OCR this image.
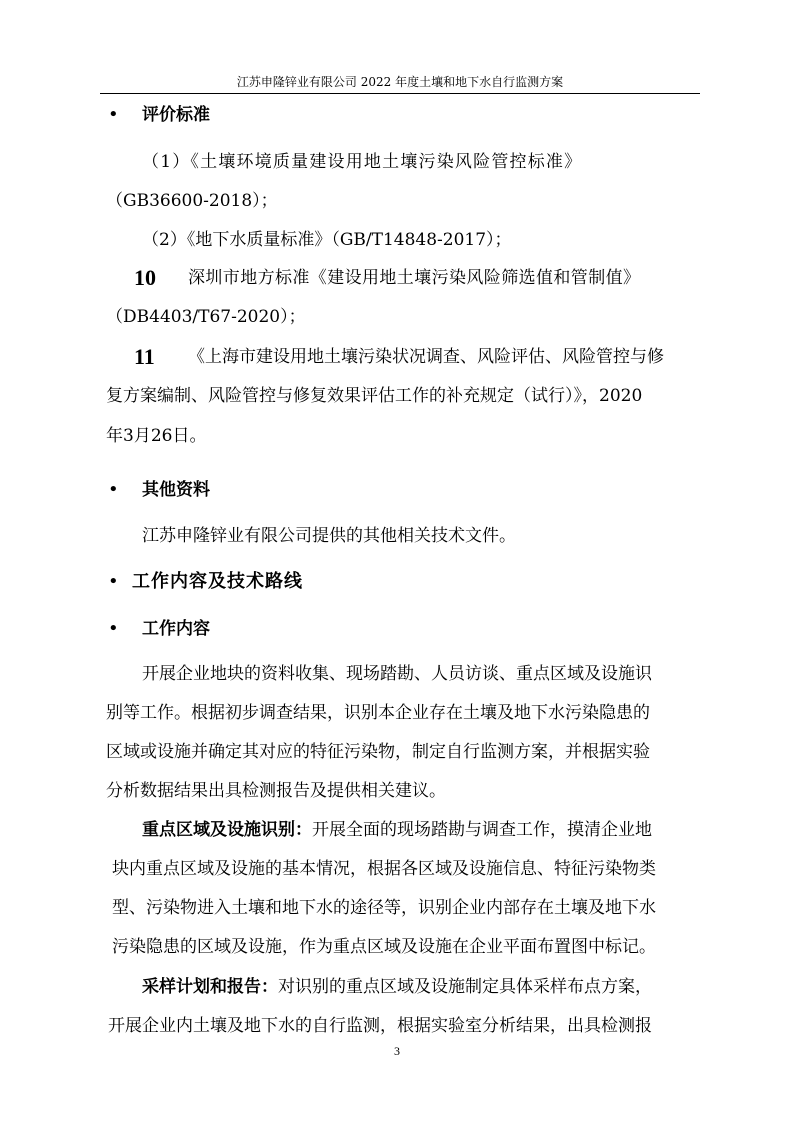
江苏申隆锌业有限公司 2022 年度土壤和地下水自行监测方案
• 评价标准
（1）《土壤环境质量建设用地土壤污染风险管控标准》
（GB36600-2018）；
（2）《地下水质量标准》（GB/T14848-2017）；
10 深圳市地方标准《建设用地土壤污染风险筛选值和管制值》
（DB4403/T67-2020）；
11 《上海市建设用地土壤污染状况调查、风险评估、风险管控与修
复方案编制、风险管控与修复效果评估工作的补充规定（试行）》，2020
年3月26日。
• 其他资料
江苏申隆锌业有限公司提供的其他相关技术文件。
• 工作内容及技术路线
• 工作内容
开展企业地块的资料收集、现场踏勘、人员访谈、重点区域及设施识
别等工作。根据初步调查结果，识别本企业存在土壤及地下水污染隐患的
区域或设施并确定其对应的特征污染物，制定自行监测方案，并根据实验
分析数据结果出具检测报告及提供相关建议。
重点区域及设施识别：开展全面的现场踏勘与调查工作，摸清企业地
块内重点区域及设施的基本情况，根据各区域及设施信息、特征污染物类
型、污染物进入土壤和地下水的途径等，识别企业内部存在土壤及地下水
污染隐患的区域及设施，作为重点区域及设施在企业平面布置图中标记。
采样计划和报告：对识别的重点区域及设施制定具体采样布点方案，
开展企业内土壤及地下水的自行监测，根据实验室分析结果，出具检测报
3
